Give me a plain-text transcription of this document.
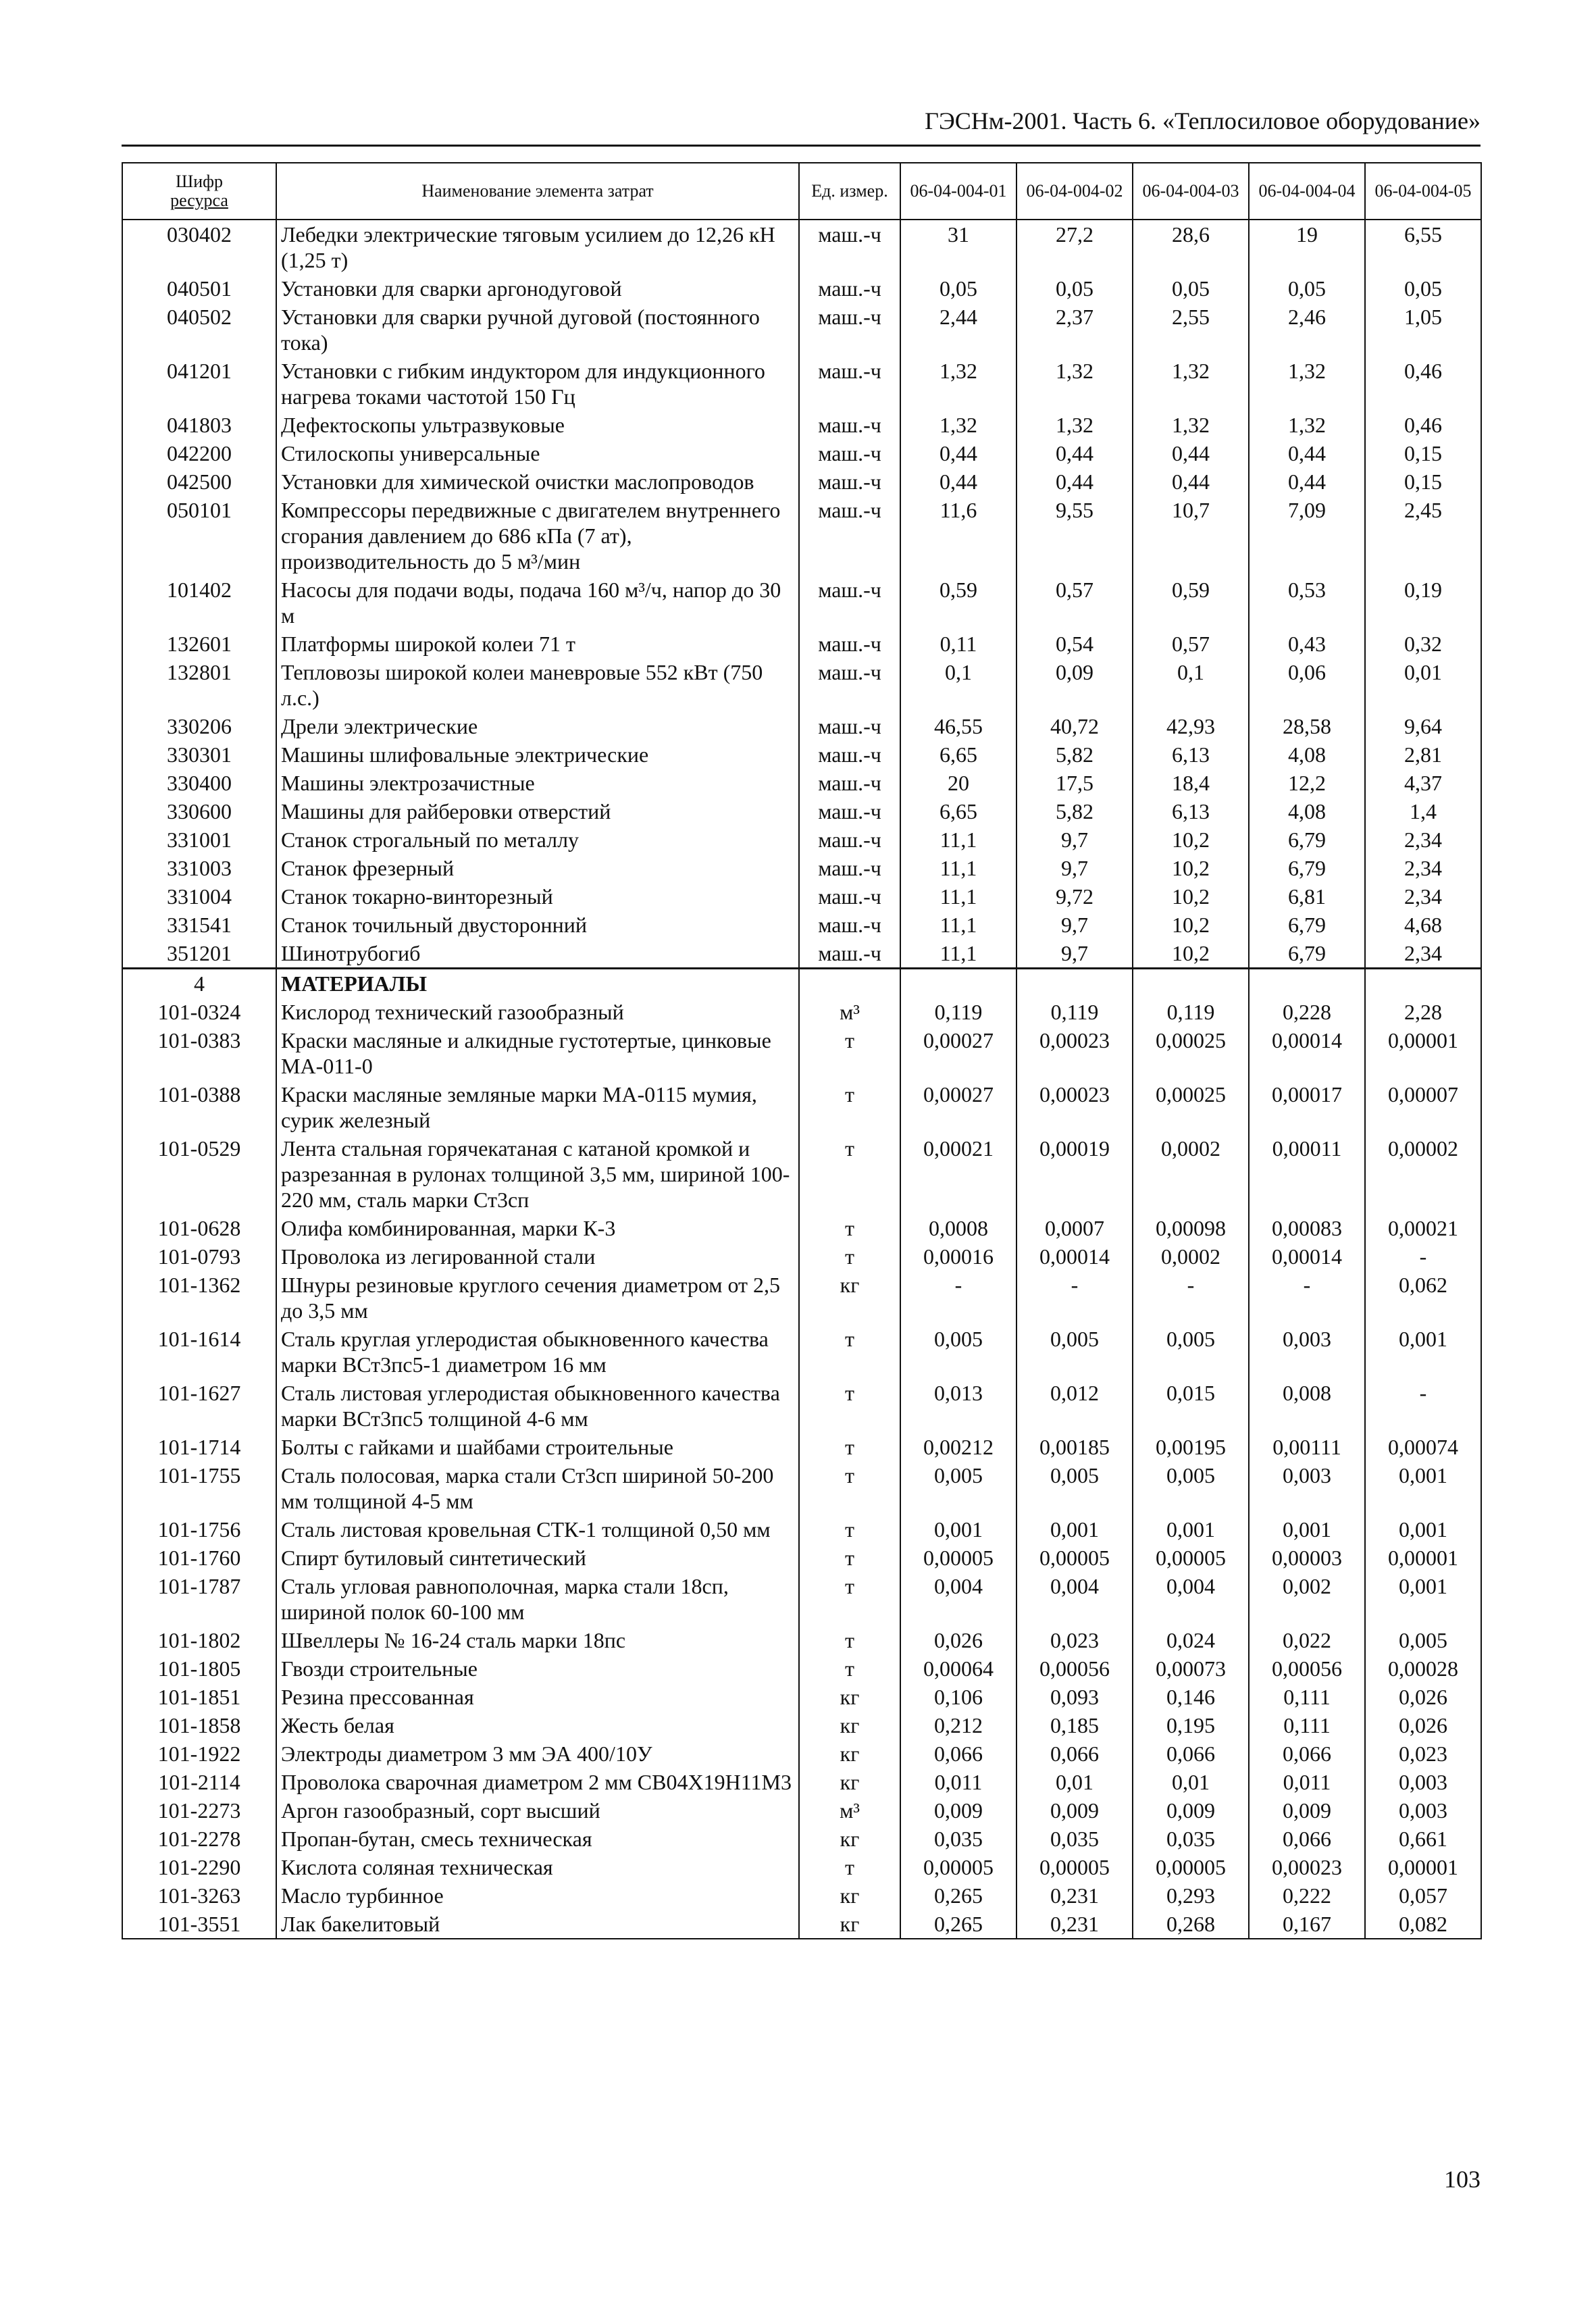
ГЭСНм-2001. Часть 6. «Теплосиловое оборудование»
Шифр
ресурса	Наименование элемента затрат	Ед. измер.	06-04-004-01	06-04-004-02	06-04-004-03	06-04-004-04	06-04-004-05
030402	Лебедки электрические тяговым усилием до 12,26 кН (1,25 т)	маш.-ч	31	27,2	28,6	19	6,55
040501	Установки для сварки аргонодуговой	маш.-ч	0,05	0,05	0,05	0,05	0,05
040502	Установки для сварки ручной дуговой (постоянного тока)	маш.-ч	2,44	2,37	2,55	2,46	1,05
041201	Установки с гибким индуктором для индукционного нагрева токами частотой 150 Гц	маш.-ч	1,32	1,32	1,32	1,32	0,46
041803	Дефектоскопы ультразвуковые	маш.-ч	1,32	1,32	1,32	1,32	0,46
042200	Стилоскопы универсальные	маш.-ч	0,44	0,44	0,44	0,44	0,15
042500	Установки для химической очистки маслопроводов	маш.-ч	0,44	0,44	0,44	0,44	0,15
050101	Компрессоры передвижные с двигателем внутреннего сгорания давлением до 686 кПа (7 ат), производительность до 5 м³/мин	маш.-ч	11,6	9,55	10,7	7,09	2,45
101402	Насосы для подачи воды, подача 160 м³/ч, напор до 30 м	маш.-ч	0,59	0,57	0,59	0,53	0,19
132601	Платформы широкой колеи 71 т	маш.-ч	0,11	0,54	0,57	0,43	0,32
132801	Тепловозы широкой колеи маневровые 552 кВт (750 л.с.)	маш.-ч	0,1	0,09	0,1	0,06	0,01
330206	Дрели электрические	маш.-ч	46,55	40,72	42,93	28,58	9,64
330301	Машины шлифовальные электрические	маш.-ч	6,65	5,82	6,13	4,08	2,81
330400	Машины электрозачистные	маш.-ч	20	17,5	18,4	12,2	4,37
330600	Машины для райберовки отверстий	маш.-ч	6,65	5,82	6,13	4,08	1,4
331001	Станок строгальный по металлу	маш.-ч	11,1	9,7	10,2	6,79	2,34
331003	Станок фрезерный	маш.-ч	11,1	9,7	10,2	6,79	2,34
331004	Станок токарно-винторезный	маш.-ч	11,1	9,72	10,2	6,81	2,34
331541	Станок точильный двусторонний	маш.-ч	11,1	9,7	10,2	6,79	4,68
351201	Шинотрубогиб	маш.-ч	11,1	9,7	10,2	6,79	2,34
4	МАТЕРИАЛЫ						
101-0324	Кислород технический газообразный	м³	0,119	0,119	0,119	0,228	2,28
101-0383	Краски масляные и алкидные густотертые, цинковые МА-011-0	т	0,00027	0,00023	0,00025	0,00014	0,00001
101-0388	Краски масляные земляные марки МА-0115 мумия, сурик железный	т	0,00027	0,00023	0,00025	0,00017	0,00007
101-0529	Лента стальная горячекатаная с катаной кромкой и разрезанная в рулонах толщиной 3,5 мм, шириной 100-220 мм, сталь марки Ст3сп	т	0,00021	0,00019	0,0002	0,00011	0,00002
101-0628	Олифа комбинированная, марки К-3	т	0,0008	0,0007	0,00098	0,00083	0,00021
101-0793	Проволока из легированной стали	т	0,00016	0,00014	0,0002	0,00014	-
101-1362	Шнуры резиновые круглого сечения диаметром от 2,5 до 3,5 мм	кг	-	-	-	-	0,062
101-1614	Сталь круглая углеродистая обыкновенного качества марки ВСт3пс5-1 диаметром 16 мм	т	0,005	0,005	0,005	0,003	0,001
101-1627	Сталь листовая углеродистая обыкновенного качества марки ВСт3пс5 толщиной 4-6 мм	т	0,013	0,012	0,015	0,008	-
101-1714	Болты с гайками и шайбами строительные	т	0,00212	0,00185	0,00195	0,00111	0,00074
101-1755	Сталь полосовая, марка стали Ст3сп шириной 50-200 мм толщиной 4-5 мм	т	0,005	0,005	0,005	0,003	0,001
101-1756	Сталь листовая кровельная СТК-1 толщиной 0,50 мм	т	0,001	0,001	0,001	0,001	0,001
101-1760	Спирт бутиловый синтетический	т	0,00005	0,00005	0,00005	0,00003	0,00001
101-1787	Сталь угловая равнополочная, марка стали 18сп, шириной полок 60-100 мм	т	0,004	0,004	0,004	0,002	0,001
101-1802	Швеллеры № 16-24 сталь марки 18пс	т	0,026	0,023	0,024	0,022	0,005
101-1805	Гвозди строительные	т	0,00064	0,00056	0,00073	0,00056	0,00028
101-1851	Резина прессованная	кг	0,106	0,093	0,146	0,111	0,026
101-1858	Жесть белая	кг	0,212	0,185	0,195	0,111	0,026
101-1922	Электроды диаметром 3 мм ЭА 400/10У	кг	0,066	0,066	0,066	0,066	0,023
101-2114	Проволока сварочная диаметром 2 мм СВ04Х19Н11М3	кг	0,011	0,01	0,01	0,011	0,003
101-2273	Аргон газообразный, сорт высший	м³	0,009	0,009	0,009	0,009	0,003
101-2278	Пропан-бутан, смесь техническая	кг	0,035	0,035	0,035	0,066	0,661
101-2290	Кислота соляная техническая	т	0,00005	0,00005	0,00005	0,00023	0,00001
101-3263	Масло турбинное	кг	0,265	0,231	0,293	0,222	0,057
101-3551	Лак бакелитовый	кг	0,265	0,231	0,268	0,167	0,082
103
